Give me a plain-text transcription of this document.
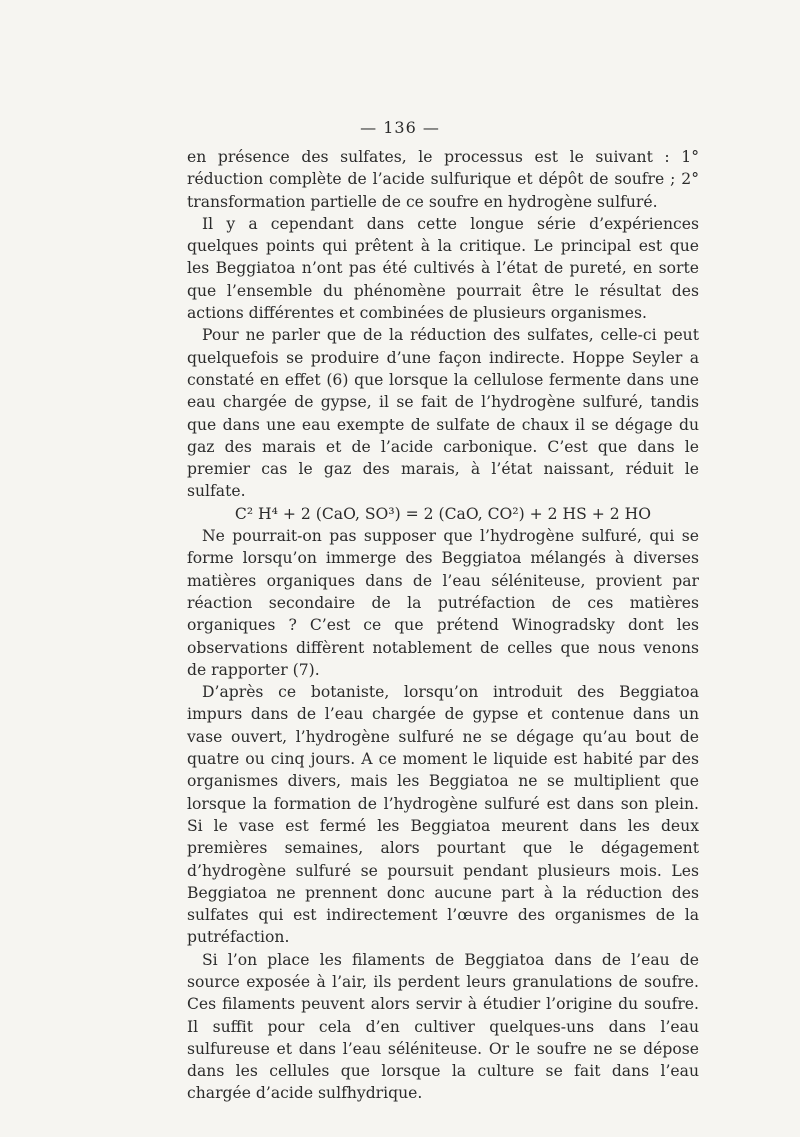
— 136 —

en présence des sulfates, le processus est le suivant : 1° réduction complète de l’acide sulfurique et dépôt de soufre ; 2° transformation partielle de ce soufre en hydrogène sulfuré.

Il y a cependant dans cette longue série d’expériences quelques points qui prêtent à la critique. Le principal est que les Beggiatoa n’ont pas été cultivés à l’état de pureté, en sorte que l’ensemble du phénomène pourrait être le résultat des actions différentes et combinées de plusieurs organismes.

Pour ne parler que de la réduction des sulfates, celle-ci peut quelquefois se produire d’une façon indirecte. Hoppe Seyler a constaté en effet (6) que lorsque la cellulose fermente dans une eau chargée de gypse, il se fait de l’hydrogène sulfuré, tandis que dans une eau exempte de sulfate de chaux il se dégage du gaz des marais et de l’acide carbonique. C’est que dans le premier cas le gaz des marais, à l’état naissant, réduit le sulfate.

C² H⁴ + 2 (CaO, SO³) = 2 (CaO, CO²) + 2 HS + 2 HO

Ne pourrait-on pas supposer que l’hydrogène sulfuré, qui se forme lorsqu’on immerge des Beggiatoa mélangés à diverses matières organiques dans de l’eau séléniteuse, provient par réaction secondaire de la putréfaction de ces matières organiques ? C’est ce que prétend Winogradsky dont les observations diffèrent notablement de celles que nous venons de rapporter (7).

D’après ce botaniste, lorsqu’on introduit des Beggiatoa impurs dans de l’eau chargée de gypse et contenue dans un vase ouvert, l’hydrogène sulfuré ne se dégage qu’au bout de quatre ou cinq jours. A ce moment le liquide est habité par des organismes divers, mais les Beggiatoa ne se multiplient que lorsque la formation de l’hydrogène sulfuré est dans son plein. Si le vase est fermé les Beggiatoa meurent dans les deux premières semaines, alors pourtant que le dégagement d’hydrogène sulfuré se poursuit pendant plusieurs mois. Les Beggiatoa ne prennent donc aucune part à la réduction des sulfates qui est indirectement l’œuvre des organismes de la putréfaction.

Si l’on place les filaments de Beggiatoa dans de l’eau de source exposée à l’air, ils perdent leurs granulations de soufre. Ces filaments peuvent alors servir à étudier l’origine du soufre. Il suffit pour cela d’en cultiver quelques-uns dans l’eau sulfureuse et dans l’eau séléniteuse. Or le soufre ne se dépose dans les cellules que lorsque la culture se fait dans l’eau chargée d’acide sulfhydrique.
